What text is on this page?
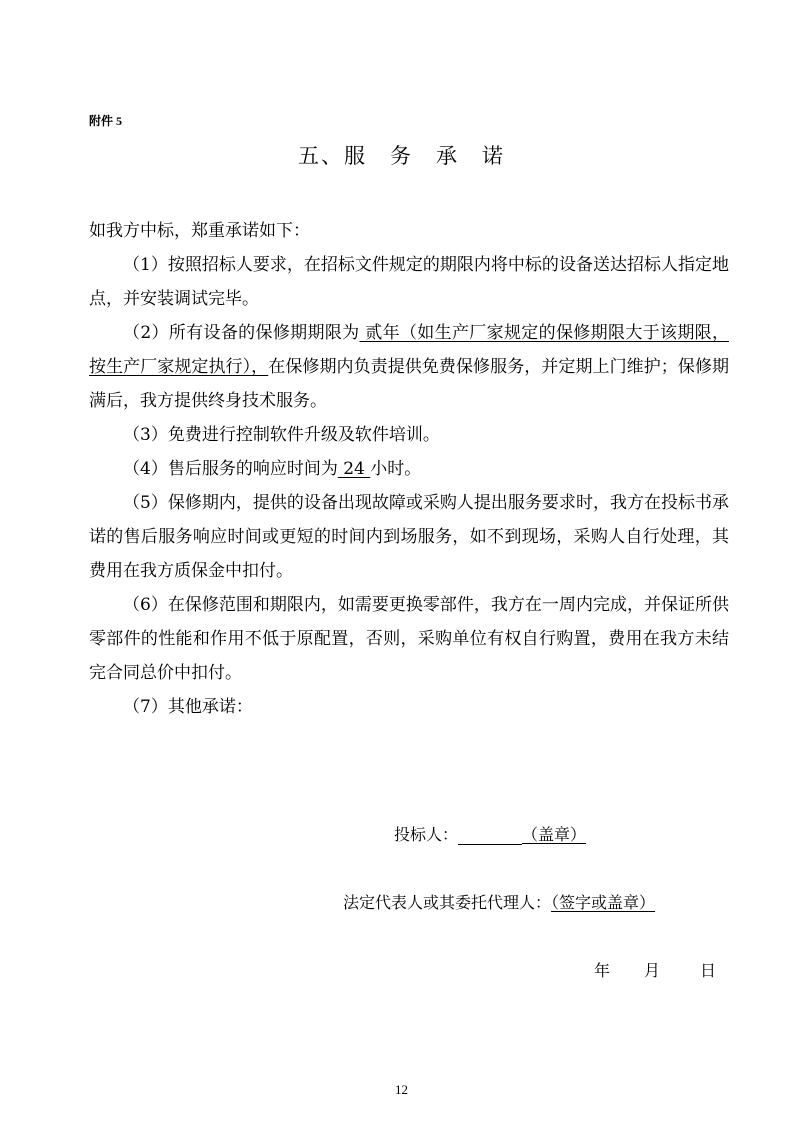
附件 5
五、服　务　承　诺

如我方中标，郑重承诺如下：

（1）按照招标人要求，在招标文件规定的期限内将中标的设备送达招标人指定地点，并安装调试完毕。

（2）所有设备的保修期期限为 贰年（如生产厂家规定的保修期限大于该期限，按生产厂家规定执行），在保修期内负责提供免费保修服务，并定期上门维护；保修期满后，我方提供终身技术服务。

（3）免费进行控制软件升级及软件培训。

（4）售后服务的响应时间为 24 小时。

（5）保修期内，提供的设备出现故障或采购人提出服务要求时，我方在投标书承诺的售后服务响应时间或更短的时间内到场服务，如不到现场，采购人自行处理，其费用在我方质保金中扣付。

（6）在保修范围和期限内，如需要更换零部件，我方在一周内完成，并保证所供零部件的性能和作用不低于原配置，否则，采购单位有权自行购置，费用在我方未结完合同总价中扣付。

（7）其他承诺：

投标人：	（盖章）
法定代表人或其委托代理人：（签字或盖章）
年 月 日
12
